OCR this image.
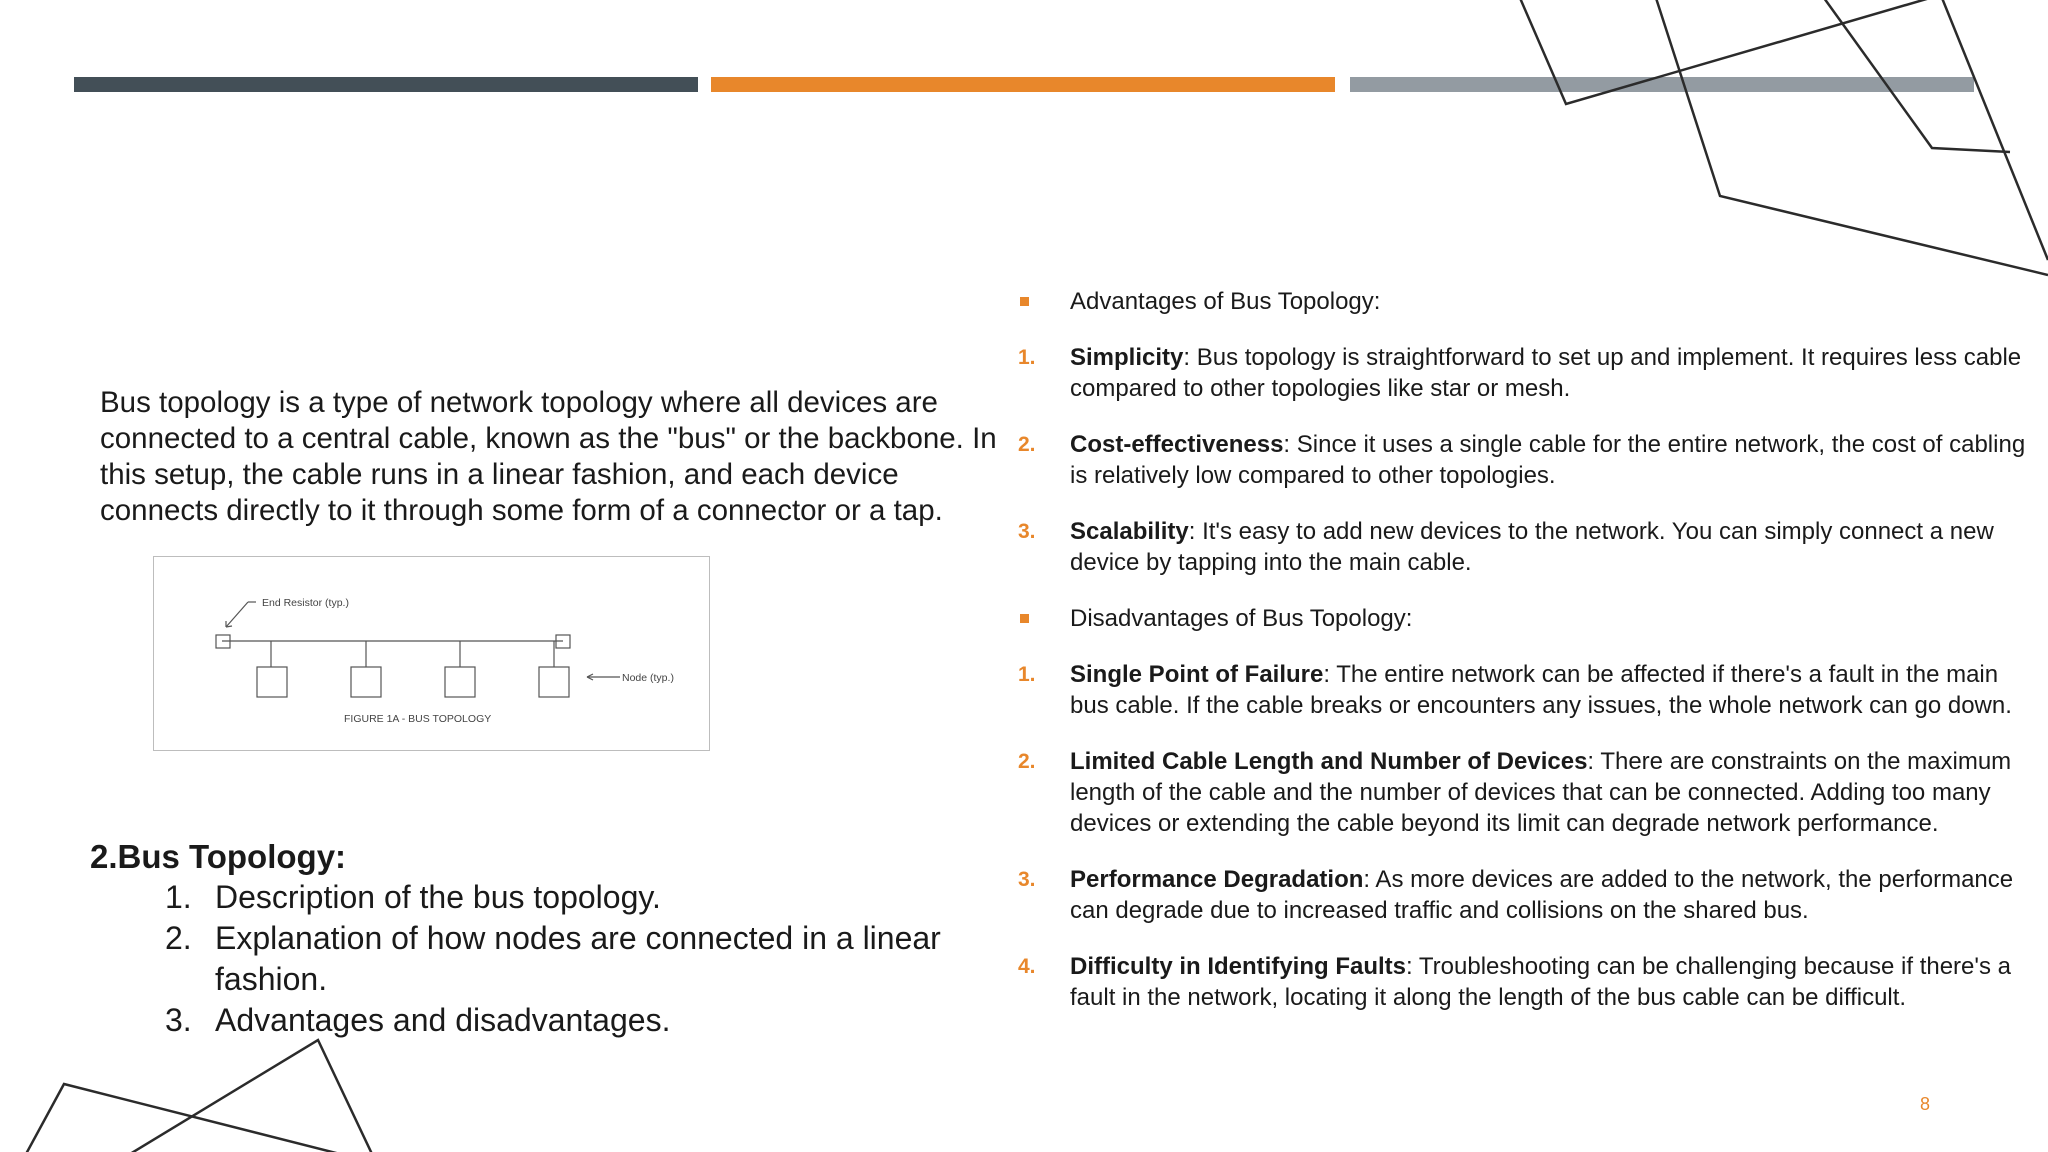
Bus topology is a type of network topology where all devices are connected to a central cable, known as the "bus" or the backbone. In this setup, the cable runs in a linear fashion, and each device connects directly to it through some form of a connector or a tap.

End Resistor (typ.)
Node (typ.)
FIGURE 1A - BUS TOPOLOGY
2.Bus Topology:
1. Description of the bus topology.
2. Explanation of how nodes are connected in a linear fashion.
3. Advantages and disadvantages.
Advantages of Bus Topology:
1.	Simplicity: Bus topology is straightforward to set up and implement. It requires less cable compared to other topologies like star or mesh.
2.	Cost-effectiveness: Since it uses a single cable for the entire network, the cost of cabling is relatively low compared to other topologies.
3.	Scalability: It's easy to add new devices to the network. You can simply connect a new device by tapping into the main cable.
Disadvantages of Bus Topology:
1.	Single Point of Failure: The entire network can be affected if there's a fault in the main bus cable. If the cable breaks or encounters any issues, the whole network can go down.
2.	Limited Cable Length and Number of Devices: There are constraints on the maximum length of the cable and the number of devices that can be connected. Adding too many devices or extending the cable beyond its limit can degrade network performance.
3.	Performance Degradation: As more devices are added to the network, the performance can degrade due to increased traffic and collisions on the shared bus.
4.	Difficulty in Identifying Faults: Troubleshooting can be challenging because if there's a fault in the network, locating it along the length of the bus cable can be difficult.
8
